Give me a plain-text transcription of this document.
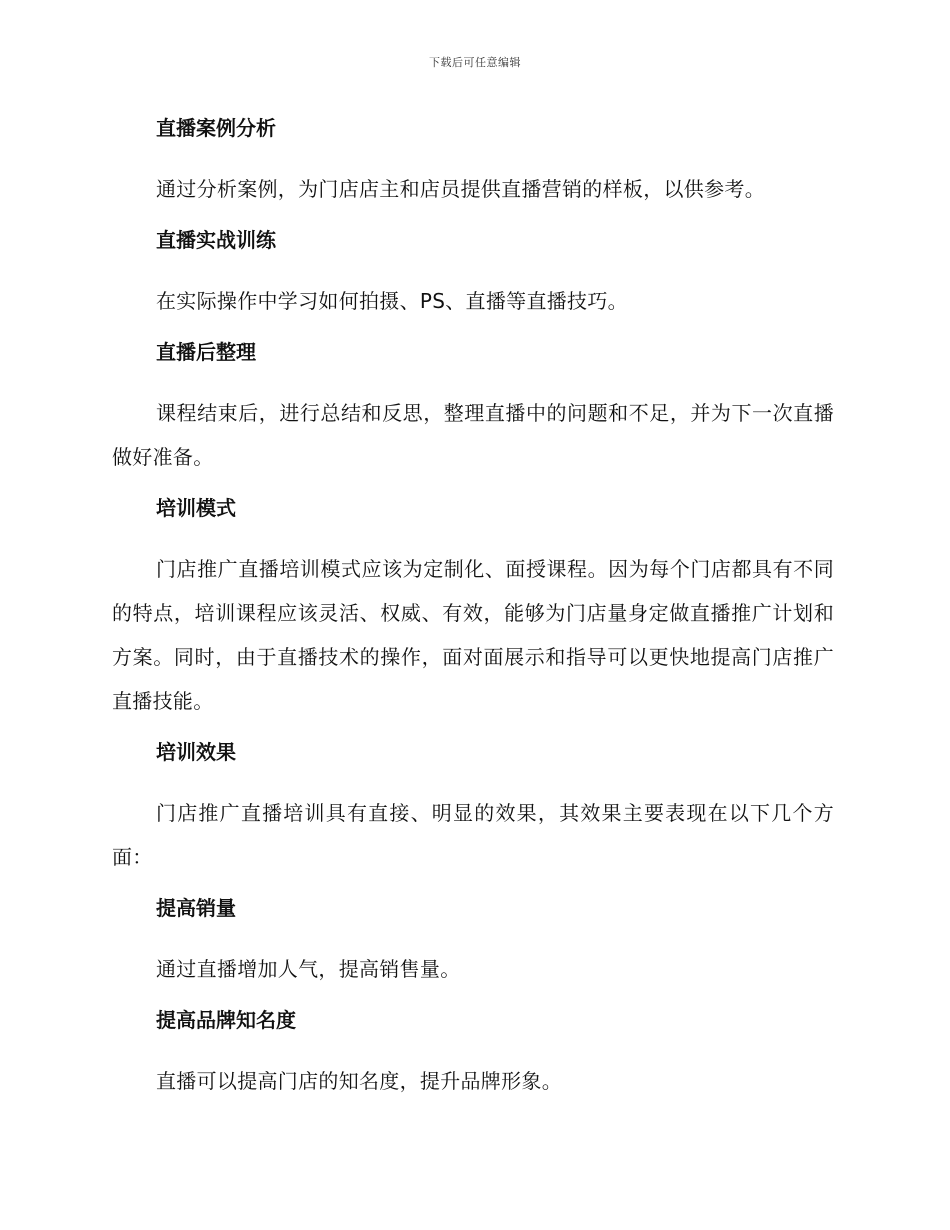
下载后可任意编辑
直播案例分析
通过分析案例，为门店店主和店员提供直播营销的样板，以供参考。
直播实战训练
在实际操作中学习如何拍摄、PS、直播等直播技巧。
直播后整理
课程结束后，进行总结和反思，整理直播中的问题和不足，并为下一次直播做好准备。
培训模式
门店推广直播培训模式应该为定制化、面授课程。因为每个门店都具有不同的特点，培训课程应该灵活、权威、有效，能够为门店量身定做直播推广计划和方案。同时，由于直播技术的操作，面对面展示和指导可以更快地提高门店推广直播技能。
培训效果
门店推广直播培训具有直接、明显的效果，其效果主要表现在以下几个方面：
提高销量
通过直播增加人气，提高销售量。
提高品牌知名度
直播可以提高门店的知名度，提升品牌形象。
